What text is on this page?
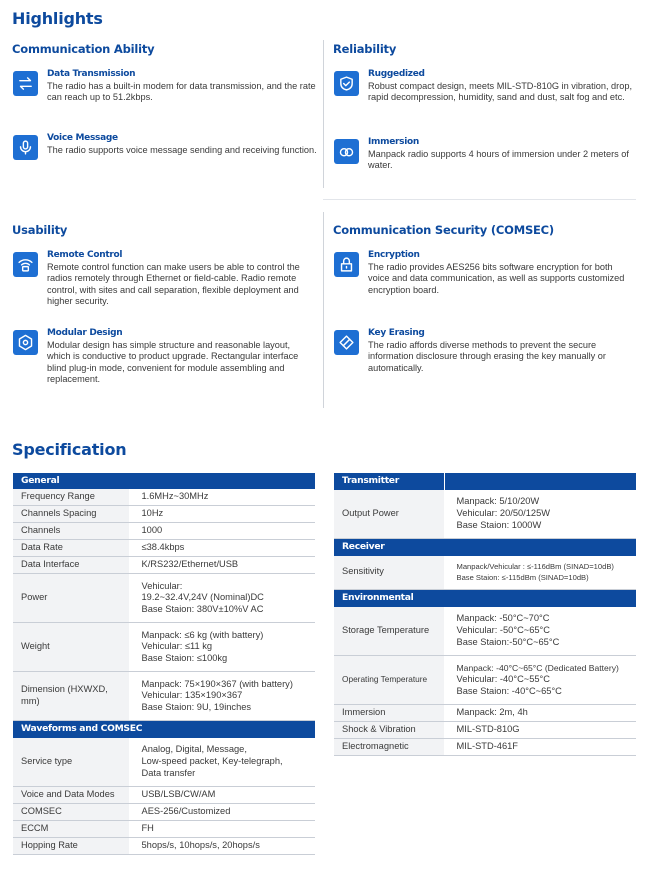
Highlights
Communication Ability	Reliability
Data Transmission
The radio has a built-in modem for data transmission, and the rate can reach up to 51.2kbps.
Voice Message
The radio supports voice message sending and receiving function.
Ruggedized
Robust compact design, meets MIL-STD-810G in vibration, drop, rapid decompression, humidity, sand and dust, salt fog and etc.
Immersion
Manpack radio supports 4 hours of immersion under 2 meters of water.
Usability	Communication Security (COMSEC)
Remote Control
Remote control function can make users be able to control the radios remotely through Ethernet or field-cable. Radio remote control, with sites and call separation, flexible deployment and higher security.
Modular Design
Modular design has simple structure and reasonable layout, which is conductive to product upgrade. Rectangular interface blind plug-in mode, convenient for module assembling and replacement.
Encryption
The radio provides AES256 bits software encryption for both voice and data communication, as well as supports customized encryption board.
Key Erasing
The radio affords diverse methods to prevent the secure information disclosure through erasing the key manually or automatically.
Specification
General	
Frequency Range	1.6MHz~30MHz
Channels Spacing	10Hz
Channels	1000
Data Rate	≤38.4kbps
Data Interface	K/RS232/Ethernet/USB
Power	Vehicular:
19.2~32.4V,24V (Nominal)DC
Base Staion: 380V±10%V AC

Weight	Manpack: ≤6 kg (with battery)
Vehicular: ≤11 kg
Base Staion: ≤100kg

Dimension (HXWXD, mm)	Manpack: 75×190×367 (with battery)
Vehicular: 135×190×367
Base Staion: 9U, 19inches

Waveforms and COMSEC	
Service type	Analog, Digital, Message,
Low-speed packet, Key-telegraph,
Data transfer

Voice and Data Modes	USB/LSB/CW/AM
COMSEC	AES-256/Customized
ECCM	FH
Hopping Rate	5hops/s, 10hops/s, 20hops/s
Transmitter	
Output Power	Manpack: 5/10/20W
Vehicular: 20/50/125W
Base Staion: 1000W

Receiver	
Sensitivity	Manpack/Vehicular : ≤-116dBm (SINAD=10dB)
Base Staion: ≤-115dBm (SINAD=10dB)

Environmental	
Storage Temperature	Manpack: -50°C~70°C
Vehicular: -50°C~65°C
Base Staion:-50°C~65°C

Operating Temperature	Manpack: -40°C~65°C (Dedicated Battery)
Vehicular: -40°C~55°C
Base Staion: -40°C~65°C

Immersion	Manpack: 2m, 4h
Shock & Vibration	MIL-STD-810G
Electromagnetic	MIL-STD-461F
